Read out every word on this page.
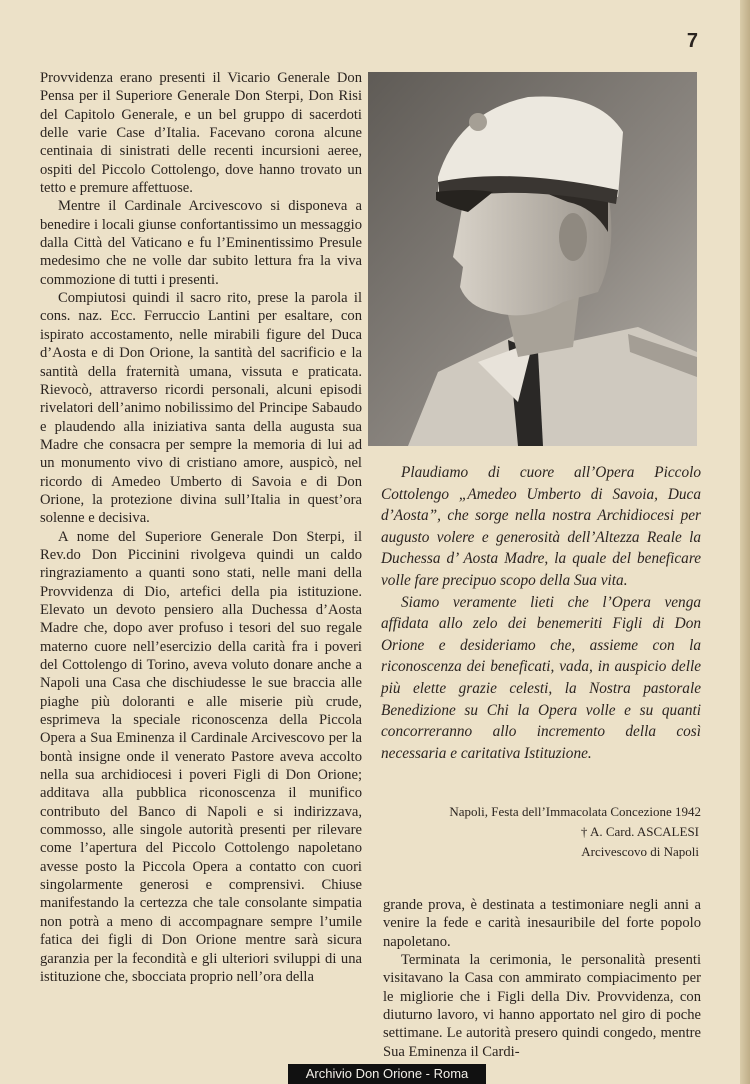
7

Provvidenza erano presenti il Vicario Generale Don Pensa per il Superiore Generale Don Sterpi, Don Risi del Capitolo Generale, e un bel gruppo di sacerdoti delle varie Case d’Italia. Facevano corona alcune centinaia di sinistrati delle recenti incursioni aeree, ospiti del Piccolo Cottolengo, dove hanno trovato un tetto e premure affettuose.

Mentre il Cardinale Arcivescovo si disponeva a benedire i locali giunse confortantissimo un messaggio dalla Città del Vaticano e fu l’Eminentissimo Presule medesimo che ne volle dar subito lettura fra la viva commozione di tutti i presenti.

Compiutosi quindi il sacro rito, prese la parola il cons. naz. Ecc. Ferruccio Lantini per esaltare, con ispirato accostamento, nelle mirabili figure del Duca d’Aosta e di Don Orione, la santità del sacrificio e la santità della fraternità umana, vissuta e praticata. Rievocò, attraverso ricordi personali, alcuni episodi rivelatori dell’animo nobilissimo del Principe Sabaudo e plaudendo alla iniziativa santa della augusta sua Madre che consacra per sempre la memoria di lui ad un monumento vivo di cristiano amore, auspicò, nel ricordo di Amedeo Umberto di Savoia e di Don Orione, la protezione divina sull’Italia in quest’ora solenne e decisiva.

A nome del Superiore Generale Don Sterpi, il Rev.do Don Piccinini rivolgeva quindi un caldo ringraziamento a quanti sono stati, nelle mani della Provvidenza di Dio, artefici della pia istituzione. Elevato un devoto pensiero alla Duchessa d’Aosta Madre che, dopo aver profuso i tesori del suo regale materno cuore nell’esercizio della carità fra i poveri del Cottolengo di Torino, aveva voluto donare anche a Napoli una Casa che dischiudesse le sue braccia alle piaghe più doloranti e alle miserie più crude, esprimeva la speciale riconoscenza della Piccola Opera a Sua Eminenza il Cardinale Arcivescovo per la bontà insigne onde il venerato Pastore aveva accolto nella sua archidiocesi i poveri Figli di Don Orione; additava alla pubblica riconoscenza il munifico contributo del Banco di Napoli e si indirizzava, commosso, alle singole autorità presenti per rilevare come l’apertura del Piccolo Cottolengo napoletano avesse posto la Piccola Opera a contatto con cuori singolarmente generosi e comprensivi. Chiuse manifestando la certezza che tale consolante simpatia non potrà a meno di accompagnare sempre l’umile fatica dei figli di Don Orione mentre sarà sicura garanzia per la fecondità e gli ulteriori sviluppi di una istituzione che, sbocciata proprio nell’ora della

Plaudiamo di cuore all’Opera Piccolo Cottolengo „Amedeo Umberto di Savoia, Duca d’Aosta”, che sorge nella nostra Archidiocesi per augusto volere e generosità dell’Altezza Reale la Duchessa d’ Aosta Madre, la quale del beneficare volle fare precipuo scopo della Sua vita.

Siamo veramente lieti che l’Opera venga affidata allo zelo dei benemeriti Figli di Don Orione e desideriamo che, assieme con la riconoscenza dei beneficati, vada, in auspicio delle più elette grazie celesti, la Nostra pastorale Benedizione su Chi la Opera volle e su quanti concorreranno allo incremento della così necessaria e caritativa Istituzione.

Napoli, Festa dell’Immacolata Concezione 1942
† A. Card. ASCALESI
Arcivescovo di Napoli

grande prova, è destinata a testimoniare negli anni a venire la fede e carità inesauribile del forte popolo napoletano.

Terminata la cerimonia, le personalità presenti visitavano la Casa con ammirato compiacimento per le migliorie che i Figli della Div. Provvidenza, con diuturno lavoro, vi hanno apportato nel giro di poche settimane. Le autorità presero quindi congedo, mentre Sua Eminenza il Cardi-

Archivio Don Orione - Roma
